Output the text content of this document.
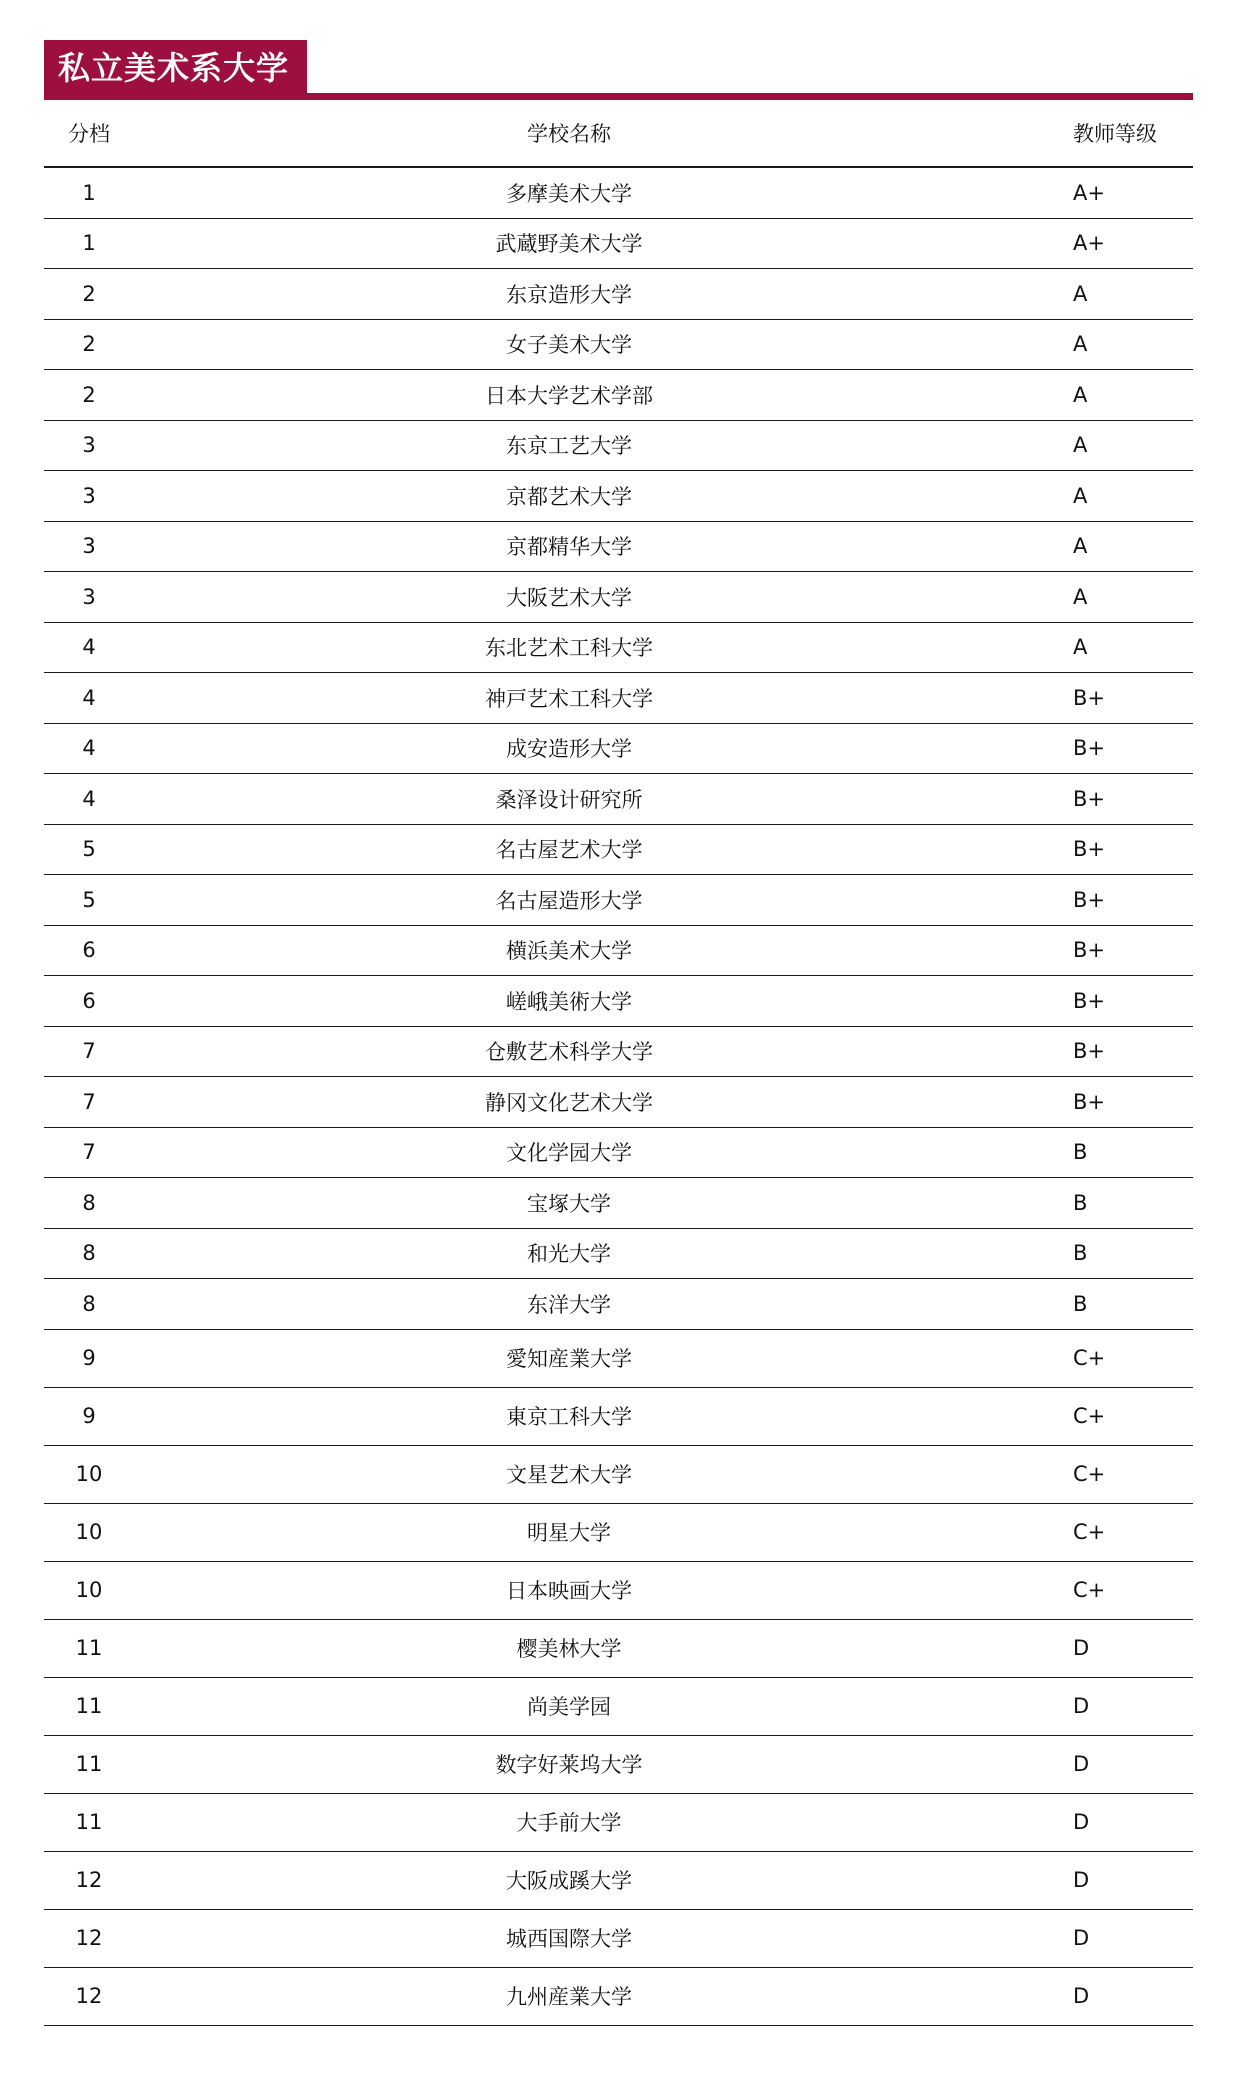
私立美术系大学
分档	学校名称	教师等级
1	多摩美术大学	A+
1	武蔵野美术大学	A+
2	东京造形大学	A
2	女子美术大学	A
2	日本大学艺术学部	A
3	东京工艺大学	A
3	京都艺术大学	A
3	京都精华大学	A
3	大阪艺术大学	A
4	东北艺术工科大学	A
4	神戸艺术工科大学	B+
4	成安造形大学	B+
4	桑泽设计研究所	B+
5	名古屋艺术大学	B+
5	名古屋造形大学	B+
6	横浜美术大学	B+
6	嵯峨美術大学	B+
7	仓敷艺术科学大学	B+
7	静冈文化艺术大学	B+
7	文化学园大学	B
8	宝塚大学	B
8	和光大学	B
8	东洋大学	B
9	愛知産業大学	C+
9	東京工科大学	C+
10	文星艺术大学	C+
10	明星大学	C+
10	日本映画大学	C+
11	樱美林大学	D
11	尚美学园	D
11	数字好莱坞大学	D
11	大手前大学	D
12	大阪成蹊大学	D
12	城西国際大学	D
12	九州産業大学	D
